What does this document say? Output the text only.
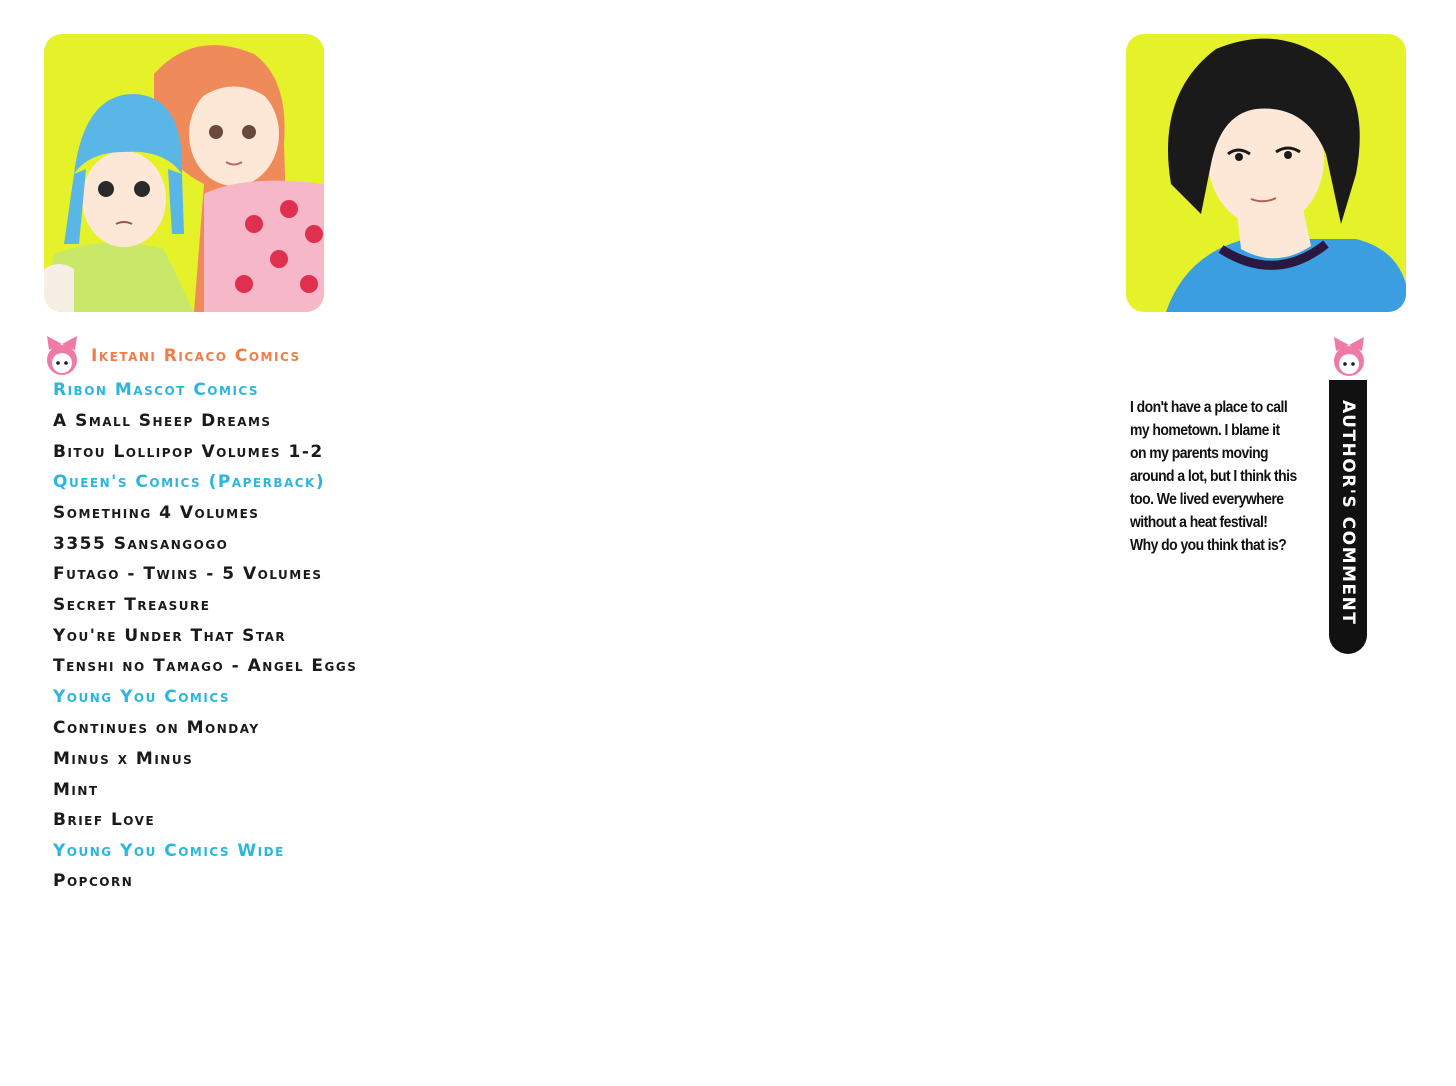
Iketani Ricaco Comics
Ribon Mascot Comics
A Small Sheep Dreams
Bitou Lollipop Volumes 1-2
Queen's Comics (Paperback)
Something 4 Volumes
3355 Sansangogo
Futago - Twins - 5 Volumes
Secret Treasure
You're Under That Star
Tenshi no Tamago - Angel Eggs
Young You Comics
Continues on Monday
Minus x Minus
Mint
Brief Love
Young You Comics Wide
Popcorn
I don't have a place to call
my hometown. I blame it
on my parents moving
around a lot, but I think this
too. We lived everywhere
without a heat festival!
Why do you think that is?	AUTHOR'S COMMENT
